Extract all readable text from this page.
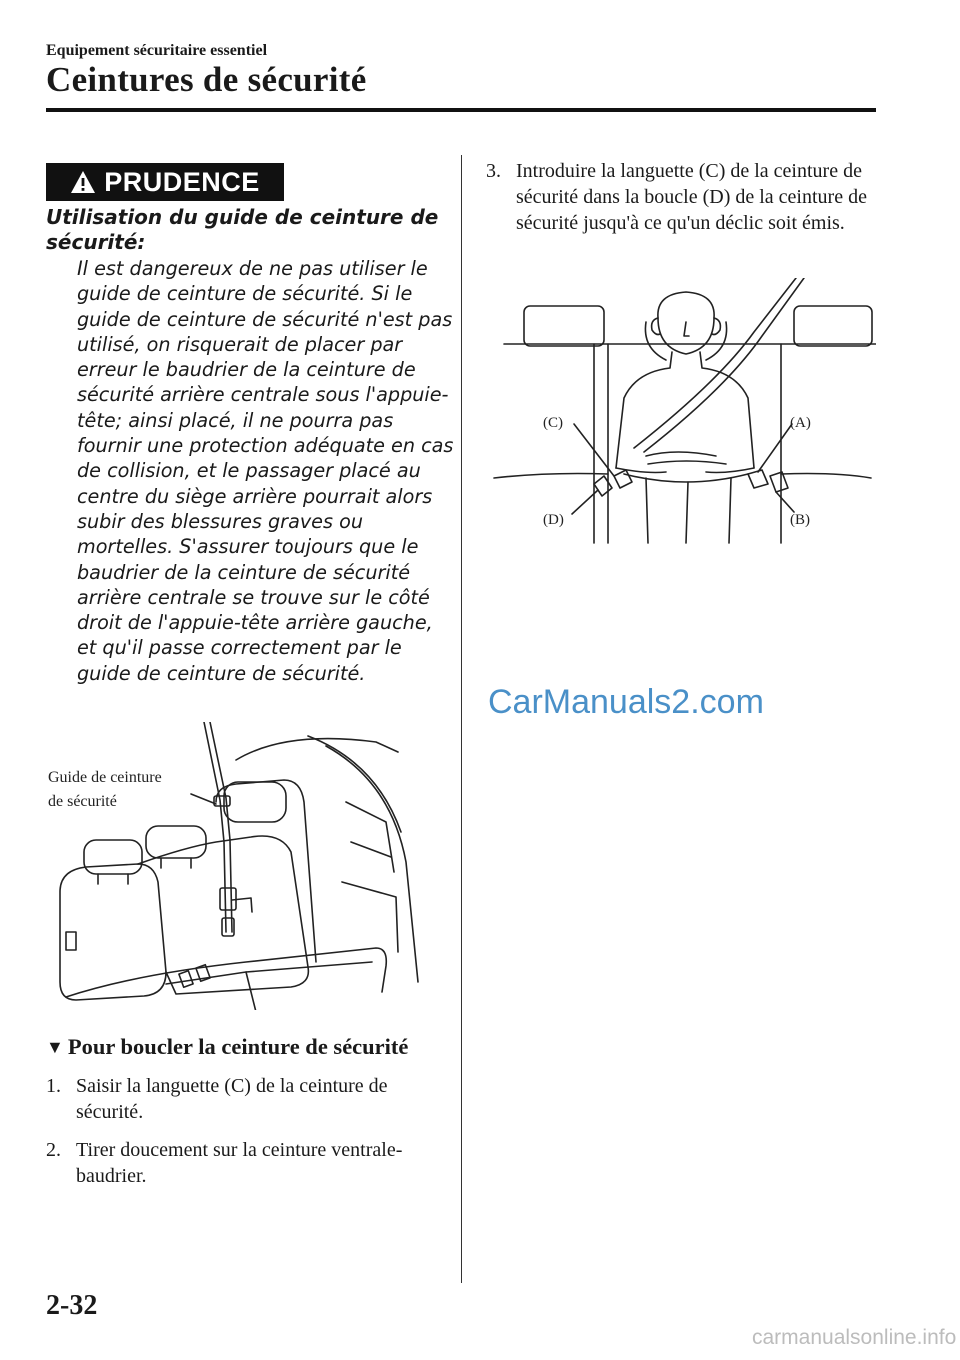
Equipement sécuritaire essentiel
Ceintures de sécurité
PRUDENCE
Utilisation du guide de ceinture de sécurité:
Il est dangereux de ne pas utiliser le guide de ceinture de sécurité. Si le guide de ceinture de sécurité n'est pas utilisé, on risquerait de placer par erreur le baudrier de la ceinture de sécurité arrière centrale sous l'appuie-tête; ainsi placé, il ne pourra pas fournir une protection adéquate en cas de collision, et le passager placé au centre du siège arrière pourrait alors subir des blessures graves ou mortelles. S'assurer toujours que le baudrier de la ceinture de sécurité arrière centrale se trouve sur le côté droit de l'appuie-tête arrière gauche, et qu'il passe correctement par le guide de ceinture de sécurité.
Guide de ceinture
de sécurité
▼ Pour boucler la ceinture de sécurité
1. Saisir la languette (C) de la ceinture de sécurité.
2. Tirer doucement sur la ceinture ventrale-baudrier.
3. Introduire la languette (C) de la ceinture de sécurité dans la boucle (D) de la ceinture de sécurité jusqu'à ce qu'un déclic soit émis.
(C)	(A)
(D)	(B)
CarManuals2.com
2-32
carmanualsonline.info
